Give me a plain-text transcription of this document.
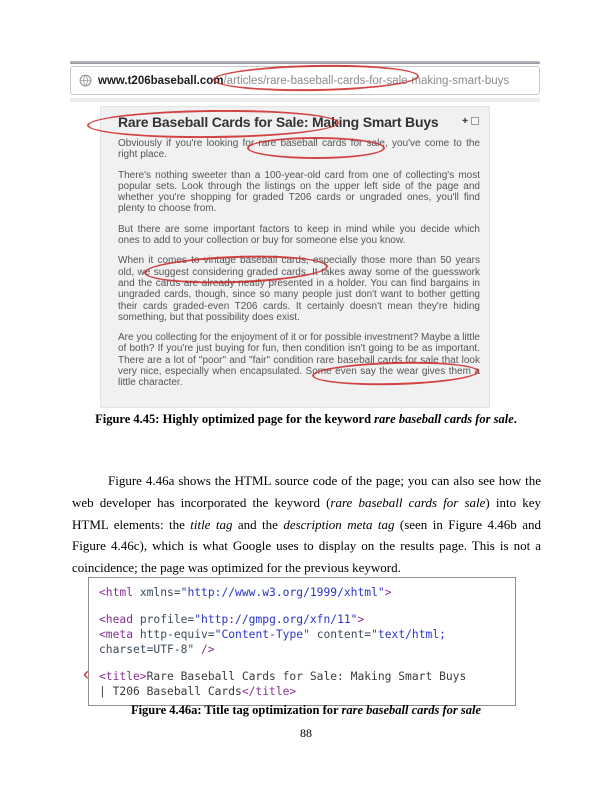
www.t206baseball.com /articles/rare-baseball-cards-for-sale-making-smart-buys
Rare Baseball Cards for Sale: Making Smart Buys	✚

Obviously if you're looking for rare baseball cards for sale, you've come to the right place.

There's nothing sweeter than a 100-year-old card from one of collecting's most popular sets. Look through the listings on the upper left side of the page and whether you're shopping for graded T206 cards or ungraded ones, you'll find plenty to choose from.

But there are some important factors to keep in mind while you decide which ones to add to your collection or buy for someone else you know.

When it comes to vintage baseball cards, especially those more than 50 years old, we suggest considering graded cards. It takes away some of the guesswork and the cards are already neatly presented in a holder. You can find bargains in ungraded cards, though, since so many people just don't want to bother getting their cards graded-even T206 cards. It certainly doesn't mean they're hiding something, but that possibility does exist.

Are you collecting for the enjoyment of it or for possible investment? Maybe a little of both? If you're just buying for fun, then condition isn't going to be as important. There are a lot of "poor" and "fair" condition rare baseball cards for sale that look very nice, especially when encapsulated. Some even say the wear gives them a little character.

Figure 4.45: Highly optimized page for the keyword rare baseball cards for sale.

Figure 4.46a shows the HTML source code of the page; you can also see how the web developer has incorporated the keyword (rare baseball cards for sale) into key HTML elements: the title tag and the description meta tag (seen in Figure 4.46b and Figure 4.46c), which is what Google uses to display on the results page. This is not a coincidence; the page was optimized for the previous keyword.

<html xmlns="http://www.w3.org/1999/xhtml">
<head profile="http://gmpg.org/xfn/11">
<meta http-equiv="Content-Type" content="text/html;
charset=UTF-8" />
<title>Rare Baseball Cards for Sale: Making Smart Buys
| T206 Baseball Cards</title>
Figure 4.46a: Title tag optimization for rare baseball cards for sale
88
